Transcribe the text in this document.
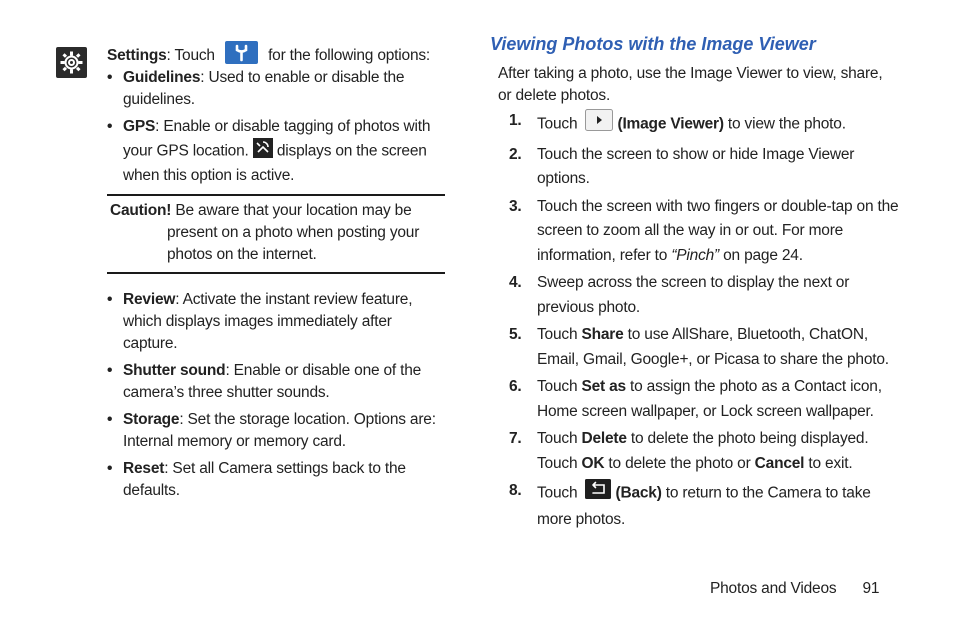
Settings: Touch	for the following options:
• Guidelines: Used to enable or disable the guidelines.
• GPS: Enable or disable tagging of photos with your GPS location.  displays on the screen when this option is active.
Caution! Be aware that your location may be
present on a photo when posting your photos on the internet.
• Review: Activate the instant review feature, which displays images immediately after capture.
• Shutter sound: Enable or disable one of the camera’s three shutter sounds.
• Storage: Set the storage location. Options are: Internal memory or memory card.
• Reset: Set all Camera settings back to the defaults.
Viewing Photos with the Image Viewer
After taking a photo, use the Image Viewer to view, share, or delete photos.
1. Touch	(Image Viewer) to view the photo.
2. Touch the screen to show or hide Image Viewer options.
3. Touch the screen with two fingers or double-tap on the screen to zoom all the way in or out. For more information, refer to “Pinch” on page 24.
4. Sweep across the screen to display the next or previous photo.
5. Touch Share to use AllShare, Bluetooth, ChatON, Email, Gmail, Google+, or Picasa to share the photo.
6. Touch Set as to assign the photo as a Contact icon, Home screen wallpaper, or Lock screen wallpaper.
7. Touch Delete to delete the photo being displayed. Touch OK to delete the photo or Cancel to exit.
8. Touch (Back) to return to the Camera to take more photos.
Photos and Videos 91
